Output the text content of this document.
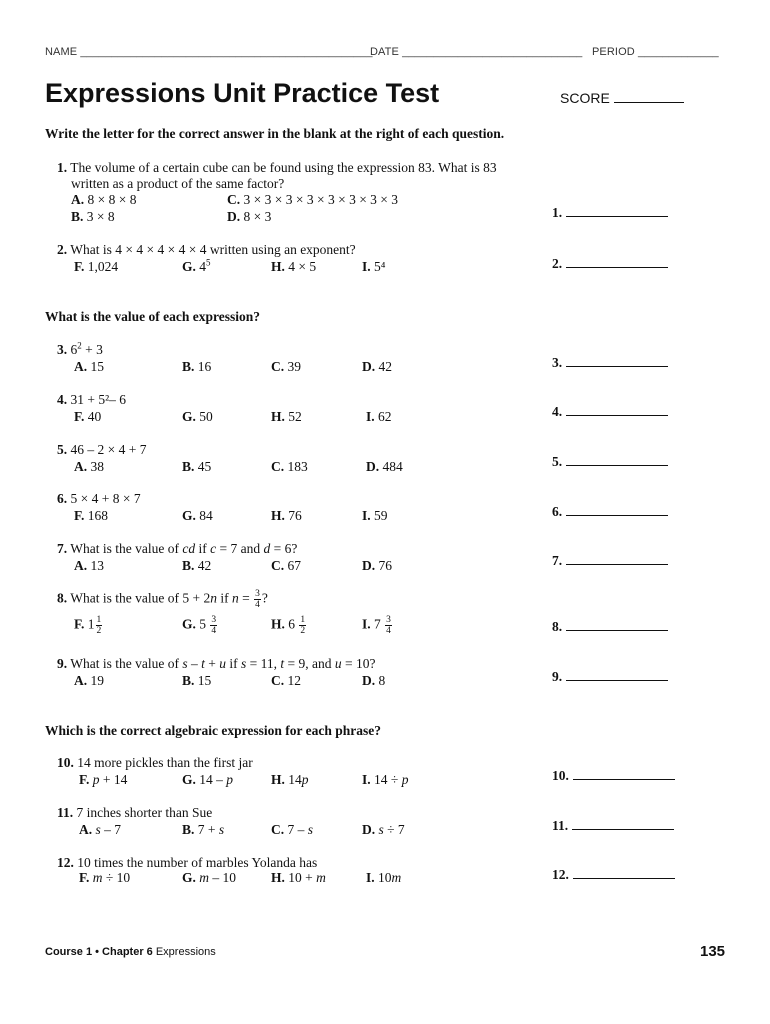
NAME _______________________________________________
DATE _____________________________ PERIOD _____________
Expressions Unit Practice Test	SCORE
Write the letter for the correct answer in the blank at the right of each question.
1. The volume of a certain cube can be found using the expression 83. What is 83
written as a product of the same factor?
A. 8 × 8 × 8	C. 3 × 3 × 3 × 3 × 3 × 3 × 3 × 3
B. 3 × 8	D. 8 × 3	1.
2. What is 4 × 4 × 4 × 4 × 4 written using an exponent?
F. 1,024	G. $4^5$	H. 4 × 5	I. 5⁴	2.
What is the value of each expression?
3. $6^2 + 3$
A. 15	B. 16	C. 39	D. 42	3.
4. 31 + 5²– 6
F. 40	G. 50	H. 52	I. 62	4.
5. 46 – 2 × 4 + 7
A. 38	B. 45	C. 183	D. 484	5.
6. 5 × 4 + 8 × 7
F. 168	G. 84	H. 76	I. 59	6.
7. What is the value of cd if c = 7 and d = 6?
A. 13	B. 42	C. 67	D. 76	7.
8. What is the value of 5 + 2n if $n = \frac{3}{4}$ ?
F. $1 \frac{1}{2}$	G. $5 \frac{3}{4}$	H. $6 \frac{1}{2}$	I. $7 \frac{3}{4}$	8.
9. What is the value of s – t + u if s = 11, t = 9, and u = 10?
A. 19	B. 15	C. 12	D. 8	9.
Which is the correct algebraic expression for each phrase?
10. 14 more pickles than the first jar
F. p + 14	G. 14 – p	H. 14p	I. 14 ÷ p	10.
11. 7 inches shorter than Sue
A. s – 7	B. 7 + s	C. 7 – s	D. s ÷ 7	11.
12. 10 times the number of marbles Yolanda has
F. m ÷ 10	G. m – 10	H. 10 + m	I. 10m	12.
Course 1 • Chapter 6 Expressions	135
